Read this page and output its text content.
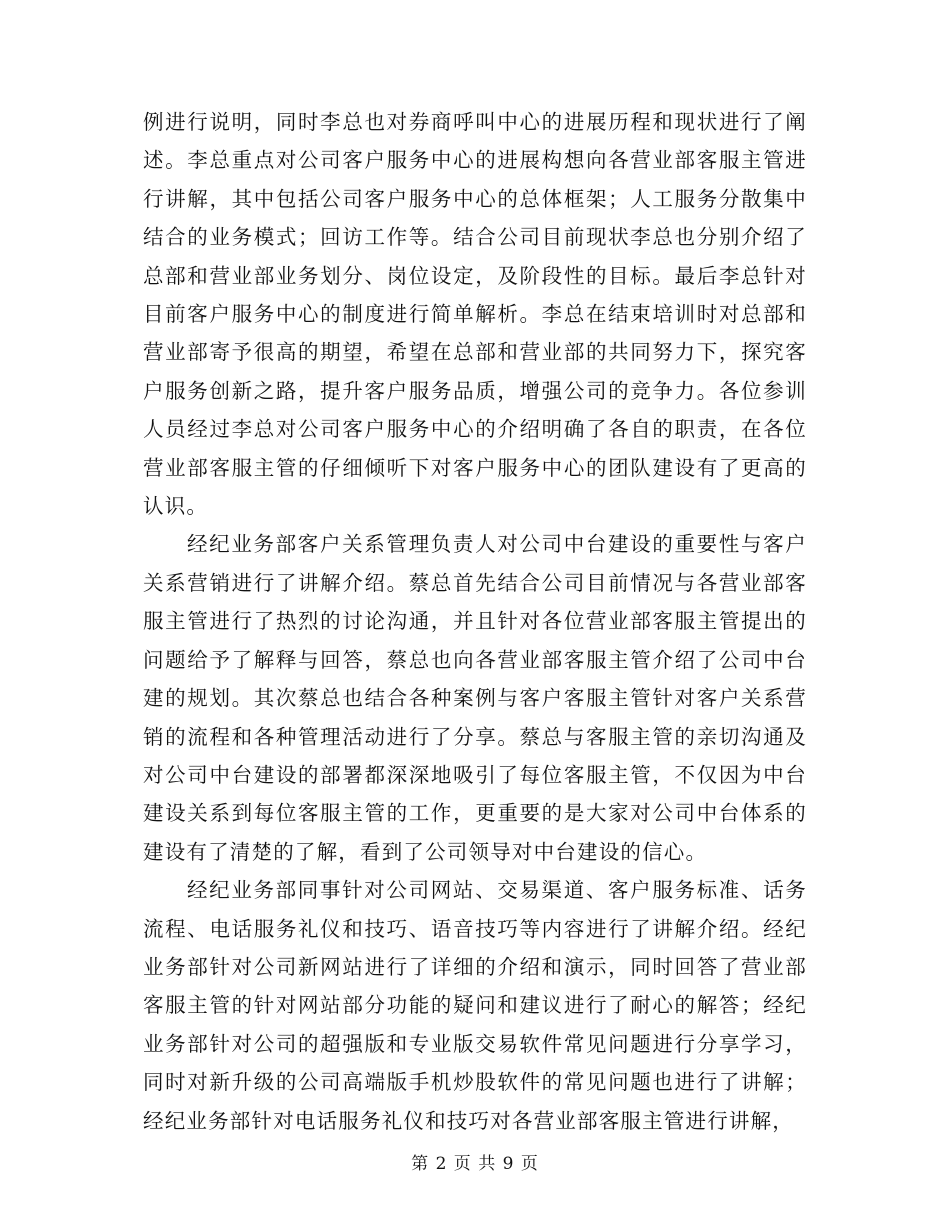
例进行说明，同时李总也对券商呼叫中心的进展历程和现状进行了阐述。李总重点对公司客户服务中心的进展构想向各营业部客服主管进行讲解，其中包括公司客户服务中心的总体框架；人工服务分散集中结合的业务模式；回访工作等。结合公司目前现状李总也分别介绍了总部和营业部业务划分、岗位设定，及阶段性的目标。最后李总针对目前客户服务中心的制度进行简单解析。李总在结束培训时对总部和营业部寄予很高的期望，希望在总部和营业部的共同努力下，探究客户服务创新之路，提升客户服务品质，增强公司的竞争力。各位参训人员经过李总对公司客户服务中心的介绍明确了各自的职责，在各位营业部客服主管的仔细倾听下对客户服务中心的团队建设有了更高的认识。

经纪业务部客户关系管理负责人对公司中台建设的重要性与客户关系营销进行了讲解介绍。蔡总首先结合公司目前情况与各营业部客服主管进行了热烈的讨论沟通，并且针对各位营业部客服主管提出的问题给予了解释与回答，蔡总也向各营业部客服主管介绍了公司中台建的规划。其次蔡总也结合各种案例与客户客服主管针对客户关系营销的流程和各种管理活动进行了分享。蔡总与客服主管的亲切沟通及对公司中台建设的部署都深深地吸引了每位客服主管，不仅因为中台建设关系到每位客服主管的工作，更重要的是大家对公司中台体系的建设有了清楚的了解，看到了公司领导对中台建设的信心。

经纪业务部同事针对公司网站、交易渠道、客户服务标准、话务流程、电话服务礼仪和技巧、语音技巧等内容进行了讲解介绍。经纪业务部针对公司新网站进行了详细的介绍和演示，同时回答了营业部客服主管的针对网站部分功能的疑问和建议进行了耐心的解答；经纪业务部针对公司的超强版和专业版交易软件常见问题进行分享学习，同时对新升级的公司高端版手机炒股软件的常见问题也进行了讲解；经纪业务部针对电话服务礼仪和技巧对各营业部客服主管进行讲解，

第 2 页 共 9 页
